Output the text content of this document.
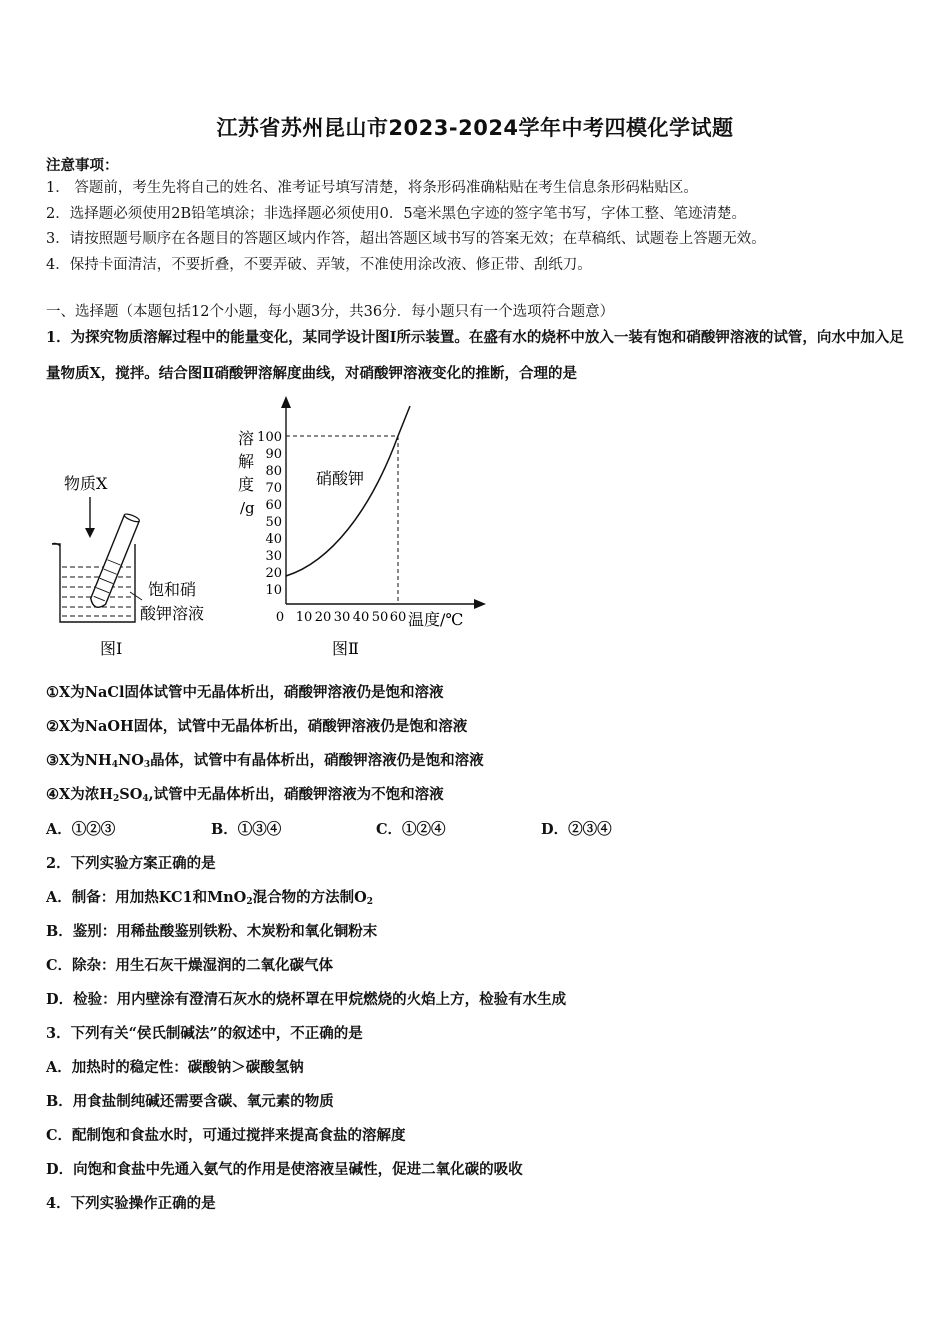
江苏省苏州昆山市2023-2024学年中考四模化学试题
注意事项：
1． 答题前，考生先将自己的姓名、准考证号填写清楚，将条形码准确粘贴在考生信息条形码粘贴区。
2．选择题必须使用2B铅笔填涂；非选择题必须使用0．5毫米黑色字迹的签字笔书写，字体工整、笔迹清楚。
3．请按照题号顺序在各题目的答题区域内作答，超出答题区域书写的答案无效；在草稿纸、试题卷上答题无效。
4．保持卡面清洁，不要折叠，不要弄破、弄皱，不准使用涂改液、修正带、刮纸刀。
一、选择题（本题包括12个小题，每小题3分，共36分．每小题只有一个选项符合题意）
1．为探究物质溶解过程中的能量变化，某同学设计图Ⅰ所示装置。在盛有水的烧杯中放入一装有饱和硝酸钾溶液的试管，向水中加入足量物质X，搅拌。结合图Ⅱ硝酸钾溶解度曲线，对硝酸钾溶液变化的推断，合理的是
物质X
饱和硝
酸钾溶液
图Ⅰ
溶
解
度
/g
100
90
80
70
60
50
40
30
20
10
0 10 20 30 40 50 60 温度/℃
硝酸钾
图Ⅱ
①X为NaCl固体试管中无晶体析出，硝酸钾溶液仍是饱和溶液
②X为NaOH固体，试管中无晶体析出，硝酸钾溶液仍是饱和溶液
③X为$NH_4NO_3$晶体，试管中有晶体析出，硝酸钾溶液仍是饱和溶液
④X为浓$H_2SO_4$,试管中无晶体析出，硝酸钾溶液为不饱和溶液
A．①②③	B．①③④	C．①②④	D．②③④
2．下列实验方案正确的是
A．制备：用加热KC1和MnO$_2$混合物的方法制$O_2$
B．鉴别：用稀盐酸鉴别铁粉、木炭粉和氧化铜粉末
C．除杂：用生石灰干燥湿润的二氧化碳气体
D．检验：用内壁涂有澄清石灰水的烧杯罩在甲烷燃烧的火焰上方，检验有水生成
3．下列有关“侯氏制碱法”的叙述中，不正确的是
A．加热时的稳定性：碳酸钠＞碳酸氢钠
B．用食盐制纯碱还需要含碳、氧元素的物质
C．配制饱和食盐水时，可通过搅拌来提高食盐的溶解度
D．向饱和食盐中先通入氨气的作用是使溶液呈碱性，促进二氧化碳的吸收
4．下列实验操作正确的是
